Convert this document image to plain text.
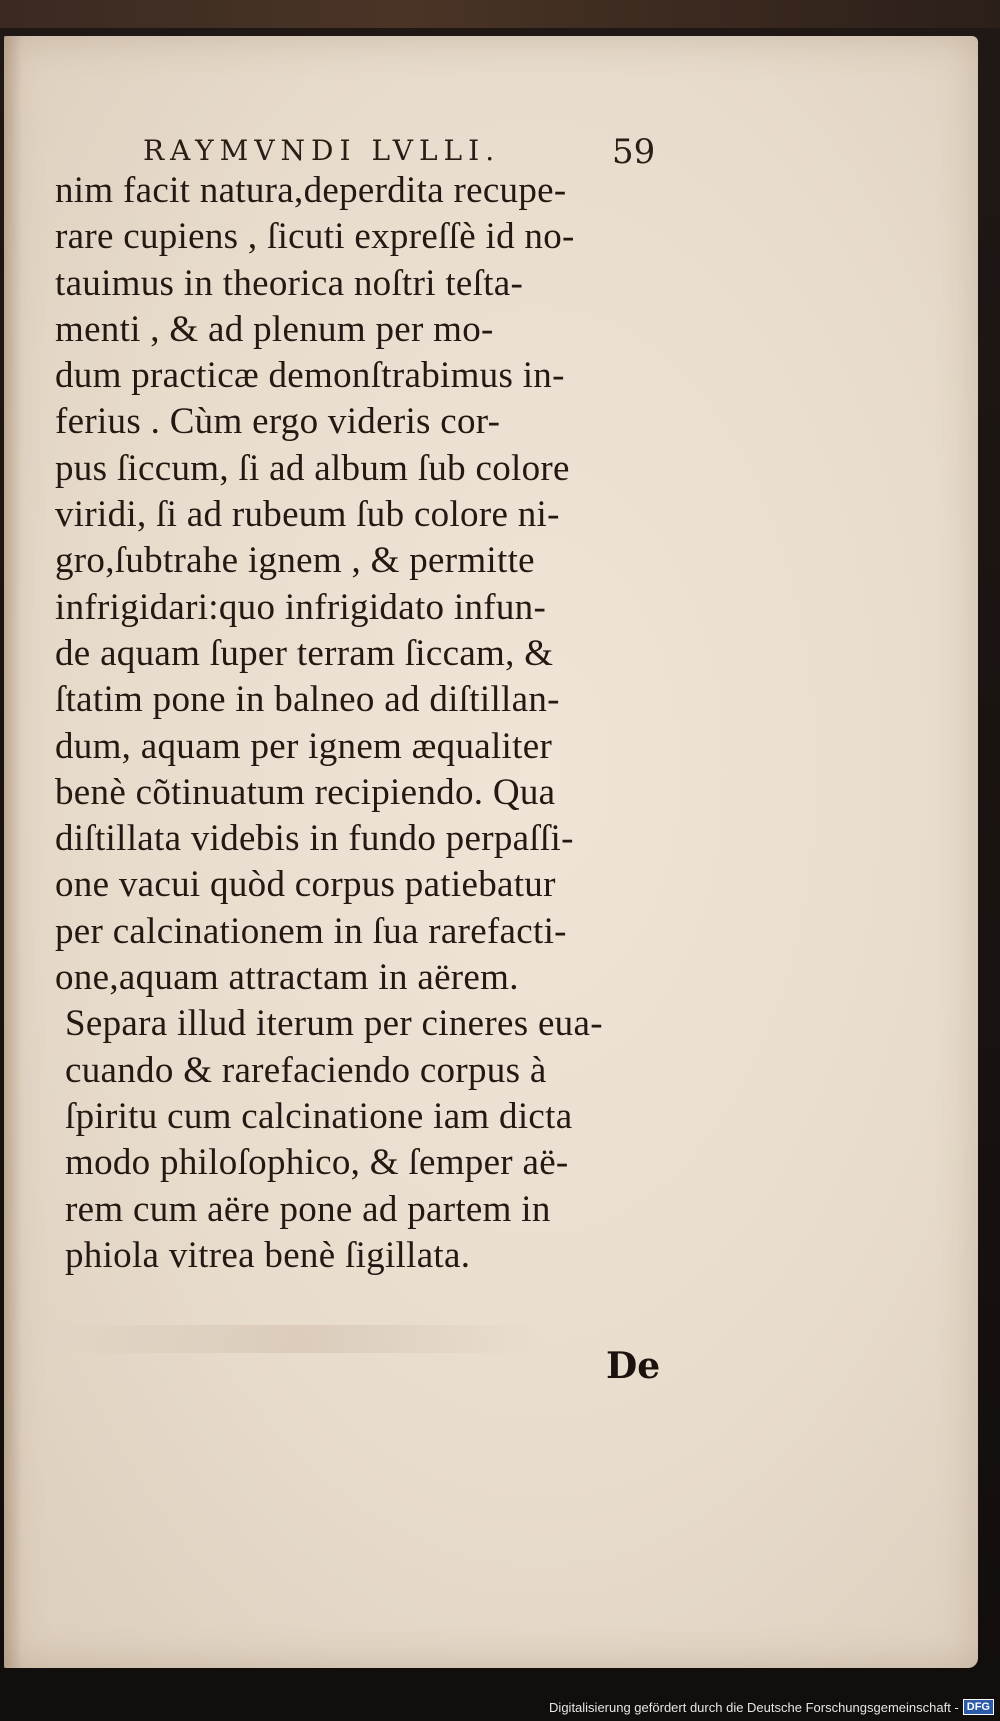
RAYMVNDI LVLLI.	59
nim facit natura,deperdita recupe-
rare cupiens , ſicuti expreſſè id no-
tauimus in theorica noſtri teſta-
menti , & ad plenum per mo-
dum practicæ demonſtrabimus in-
ferius . Cùm ergo videris cor-
pus ſiccum, ſi ad album ſub colore
viridi, ſi ad rubeum ſub colore ni-
gro,ſubtrahe ignem , & permitte
infrigidari:quo infrigidato infun-
de aquam ſuper terram ſiccam, &
ſtatim pone in balneo ad diſtillan-
dum, aquam per ignem æqualiter
benè cõtinuatum recipiendo. Qua
diſtillata videbis in fundo perpaſſi-
one vacui quòd corpus patiebatur
per calcinationem in ſua rarefacti-
one,aquam attractam in aërem.
Separa illud iterum per cineres eua-
cuando & rarefaciendo corpus à
ſpiritu cum calcinatione iam dicta
modo philoſophico, & ſemper aë-
rem cum aëre pone ad partem in
phiola vitrea benè ſigillata.
De
Digitalisierung gefördert durch die Deutsche Forschungsgemeinschaft - DFG
